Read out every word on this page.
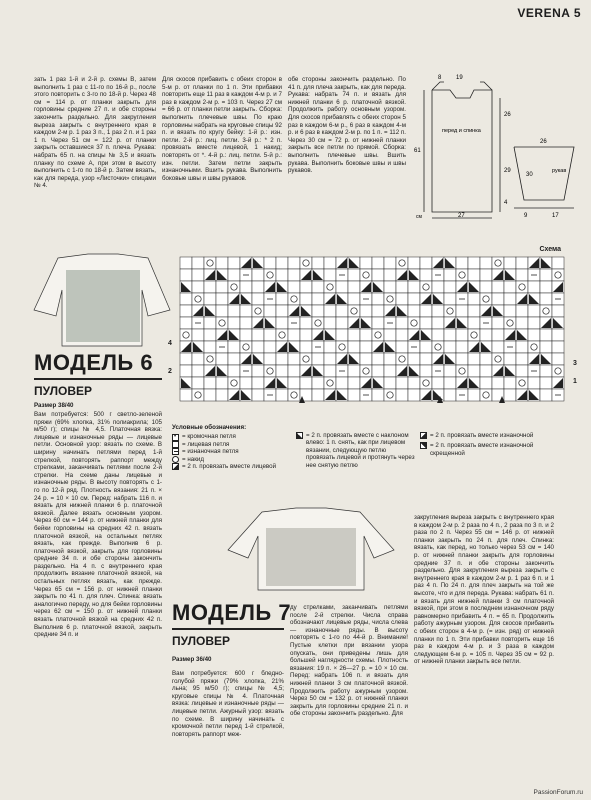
VERENA 5

зать 1 раз 1-й и 2-й р. схемы B, затем выполнить 1 раз с 11-го по 16-й р., после этого повторить с 3-го по 18-й р. Через 48 см = 114 р. от планки закрыть для горловины средние 27 п. и обе стороны закончить раздельно. Для закругления выреза закрыть с внутреннего края в каждом 2-м р. 1 раз 3 п., 1 раз 2 п. и 1 раз 1 п. Через 51 см = 122 р. от планки закрыть оставшиеся 37 п. плеча. Рукава: набрать 65 п. на спицы № 3,5 и вязать планку по схеме A, при этом в высоту выполнить с 1-го по 18-й р. Затем вязать, как для переда, узор «Листочки» спицами № 4.

Для скосов прибавить с обеих сторон в 5-м р. от планки по 1 п. Эти прибавки повторить еще 11 раз в каждом 4-м р. и 7 раз в каждом 2-м р. = 103 п. Через 27 см = 66 р. от планки петли закрыть. Сборка: выполнить плечевые швы. По краю горловины набрать на круговые спицы 92 п. и вязать по кругу бейку: 1-й р.: изн. петли. 2-й р.: лиц. петли. 3-й р.: * 2 п. провязать вместе лицевой, 1 накид; повторять от *. 4-й р.: лиц. петли. 5-й р.: изн. петли. Затем петли закрыть изнаночными. Вшить рукава. Выполнить боковые швы и швы рукавов.

обе стороны закончить раздельно. По 41 п. для плеча закрыть, как для переда. Рукава: набрать 74 п. и вязать для нижней планки 6 р. платочной вязкой. Продолжить работу основным узором. Для скосов прибавлять с обеих сторон 5 раз в каждом 6-м р., 6 раз в каждом 4-м р. и 6 раз в каждом 2-м р. по 1 п. = 112 п. Через 30 см = 72 р. от нижней планки закрыть все петли по прямой. Сборка: выполнить плечевые швы. Вшить рукава. Выполнить боковые швы и швы рукавов.

8 19
26
61
29
4
27
перед и спинка
30
рукав
26
9	17
см
Схема
4
2
3
1
МОДЕЛЬ 6
ПУЛОВЕР
Размер 38/40

Вам потребуется: 500 г светло-зеленой пряжи (69% хлопка, 31% полиакрила; 105 м/50 г); спицы № 4,5. Платочная вязка: лицевые и изнаночные ряды — лицевые петли. Основной узор: вязать по схеме. В ширину начинать петлями перед 1-й стрелкой, повторять раппорт между стрелками, заканчивать петлями после 2-й стрелки. На схеме даны лицевые и изнаночные ряды. В высоту повторять с 1-го по 12-й ряд. Плотность вязания: 21 п. × 24 р. = 10 × 10 см. Перед: набрать 116 п. и вязать для нижней планки 6 р. платочной вязкой. Далее вязать основным узором. Через 60 см = 144 р. от нижней планки для бейки горловины на средних 42 п. вязать платочной вязкой, на остальных петлях вязать, как прежде. Выполнив 6 р. платочной вязкой, закрыть для горловины средние 34 п. и обе стороны закончить раздельно. На 4 п. с внутреннего края продолжить вязание платочной вязкой, на остальных петлях вязать, как прежде. Через 65 см = 156 р. от нижней планки закрыть по 41 п. для плеч. Спинка: вязать аналогично переду, но для бейки горловины через 62 см = 150 р. от нижней планки вязать платочной вязкой на средних 42 п. Выполнив 6 р. платочной вязкой, закрыть средние 34 п. и

Условные обозначения:
• = кромочная петля
= лицевая петля
= изнаночная петля
= накид
= 2 п. провязать вместе лицевой
= 2 п. провязать вместе с наклоном влево: 1 п. снять, как при лицевом вязании, следующую петлю провязать лицевой и протянуть через нее снятую петлю
= 2 п. провязать вместе изнаночной
= 2 п. провязать вместе изнаночной скрещенной
МОДЕЛЬ 7
ПУЛОВЕР
Размер 36/40

Вам потребуется: 600 г бледно-голубой пряжи (79% хлопка, 21% льна; 95 м/50 г); спицы № 4,5; круговые спицы № 4. Платочная вязка: лицевые и изнаночные ряды — лицевые петли. Ажурный узор: вязать по схеме. В ширину начинать с кромочной петли перед 1-й стрелкой, повторять раппорт меж-

ду стрелками, заканчивать петлями после 2-й стрелки. Числа справа обозначают лицевые ряды, числа слева — изнаночные ряды. В высоту повторять с 1-го по 44-й р. Внимание! Пустые клетки при вязании узора опускать, они приведены лишь для большей наглядности схемы. Плотность вязания: 19 п. × 26—27 р. = 10 × 10 см. Перед: набрать 106 п. и вязать для нижней планки 3 см платочной вязкой. Продолжить работу ажурным узором. Через 50 см = 132 р. от нижней планки закрыть для горловины средние 21 п. и обе стороны закончить раздельно. Для

закругления выреза закрыть с внутреннего края в каждом 2-м р. 2 раза по 4 п., 2 раза по 3 п. и 2 раза по 2 п. Через 55 см = 146 р. от нижней планки закрыть по 24 п. для плеч. Спинка: вязать, как перед, но только через 53 см = 140 р. от нижней планки закрыть для горловины средние 37 п. и обе стороны закончить раздельно. Для закругления выреза закрыть с внутреннего края в каждом 2-м р. 1 раз 6 п. и 1 раз 4 п. По 24 п. для плеч закрыть на той же высоте, что и для переда. Рукава: набрать 61 п. и вязать для нижней планки 3 см платочной вязкой, при этом в последнем изнаночном ряду равномерно прибавить 4 п. = 65 п. Продолжить работу ажурным узором. Для скосов прибавить с обеих сторон в 4-м р. (= изн. ряд) от нижней планки по 1 п. Эти прибавки повторить еще 16 раз в каждом 4-м р. и 3 раза в каждом следующем 6-м р. = 105 п. Через 35 см = 92 р. от нижней планки закрыть все петли.

PassionForum.ru
